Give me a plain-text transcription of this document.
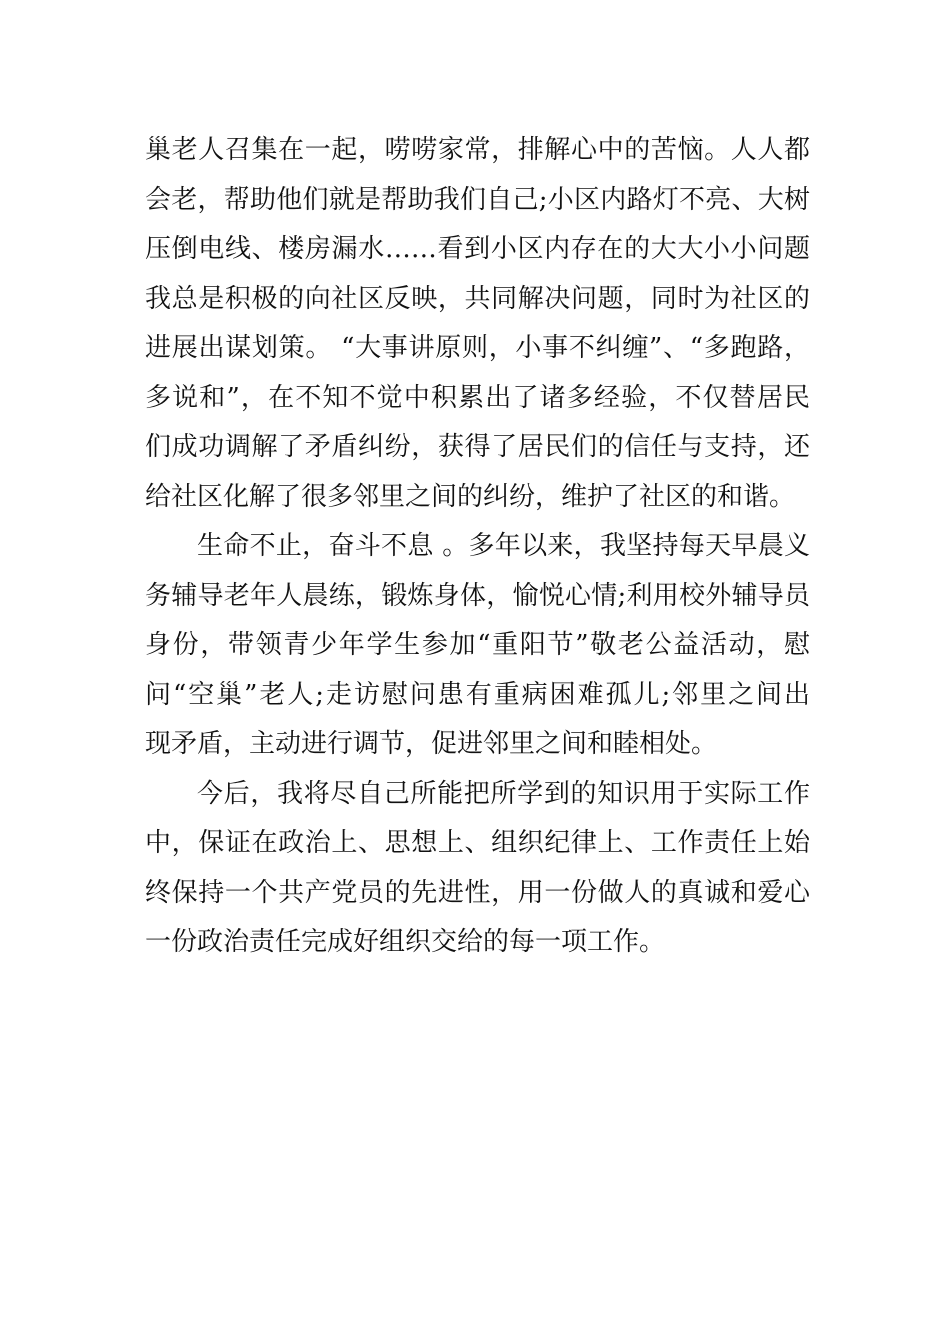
巢老人召集在一起，唠唠家常，排解心中的苦恼。人人都
会老，帮助他们就是帮助我们自己;小区内路灯不亮、大树
压倒电线、楼房漏水……看到小区内存在的大大小小问题
我总是积极的向社区反映，共同解决问题，同时为社区的
进展出谋划策。 “大事讲原则，小事不纠缠”、“多跑路，
多说和”，在不知不觉中积累出了诸多经验，不仅替居民
们成功调解了矛盾纠纷，获得了居民们的信任与支持，还
给社区化解了很多邻里之间的纠纷，维护了社区的和谐。
生命不止，奋斗不息 。多年以来，我坚持每天早晨义
务辅导老年人晨练，锻炼身体，愉悦心情;利用校外辅导员
身份，带领青少年学生参加“重阳节”敬老公益活动，慰
问“空巢”老人;走访慰问患有重病困难孤儿;邻里之间出
现矛盾，主动进行调节，促进邻里之间和睦相处。
今后，我将尽自己所能把所学到的知识用于实际工作
中，保证在政治上、思想上、组织纪律上、工作责任上始
终保持一个共产党员的先进性，用一份做人的真诚和爱心
一份政治责任完成好组织交给的每一项工作。
